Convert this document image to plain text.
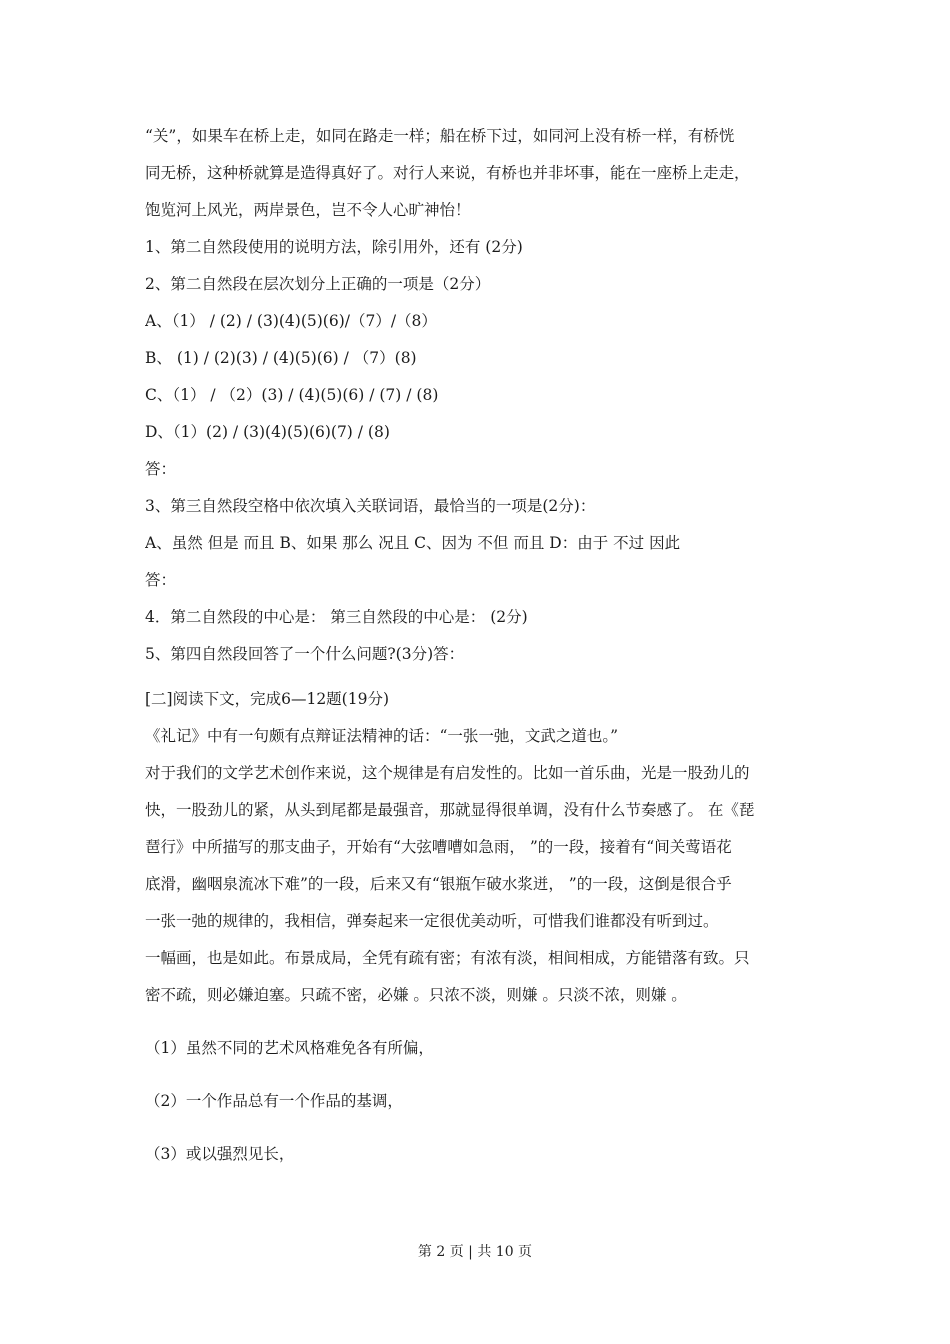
“关”，如果车在桥上走，如同在路走一样；船在桥下过，如同河上没有桥一样，有桥恍
同无桥，这种桥就算是造得真好了。对行人来说，有桥也并非坏事，能在一座桥上走走，
饱览河上风光，两岸景色，岂不令人心旷神怡！
1、第二自然段使用的说明方法，除引用外，还有 (2分)
2、第二自然段在层次划分上正确的一项是（2分）
A、（1） / (2) / (3)(4)(5)(6)/（7）/（8）
B、 (1) / (2)(3) / (4)(5)(6) / （7）(8)
C、（1） / （2）(3) / (4)(5)(6) / (7) / (8)
D、（1）(2) / (3)(4)(5)(6)(7) / (8)
答：
3、第三自然段空格中依次填入关联词语，最恰当的一项是(2分)：
A、虽然 但是 而且 B、如果 那么 况且 C、因为 不但 而且 D：由于 不过 因此
答：
4．第二自然段的中心是： 第三自然段的中心是： (2分)
5、第四自然段回答了一个什么问题?(3分)答：
[二]阅读下文，完成6—12题(19分)
《礼记》中有一句颇有点辩证法精神的话：“一张一弛，文武之道也。”
对于我们的文学艺术创作来说，这个规律是有启发性的。比如一首乐曲，光是一股劲儿的
快，一股劲儿的紧，从头到尾都是最强音，那就显得很单调，没有什么节奏感了。 在《琵
琶行》中所描写的那支曲子，开始有“大弦嘈嘈如急雨， ”的一段，接着有“间关莺语花
底滑，幽咽泉流冰下难”的一段，后来又有“银瓶乍破水浆迸， ”的一段，这倒是很合乎
一张一弛的规律的，我相信，弹奏起来一定很优美动听，可惜我们谁都没有听到过。
一幅画，也是如此。布景成局，全凭有疏有密；有浓有淡，相间相成，方能错落有致。只
密不疏，则必嫌迫塞。只疏不密，必嫌 。只浓不淡，则嫌 。只淡不浓，则嫌 。
（1）虽然不同的艺术风格难免各有所偏，
（2）一个作品总有一个作品的基调，
（3）或以强烈见长，
第 2 页 | 共 10 页
